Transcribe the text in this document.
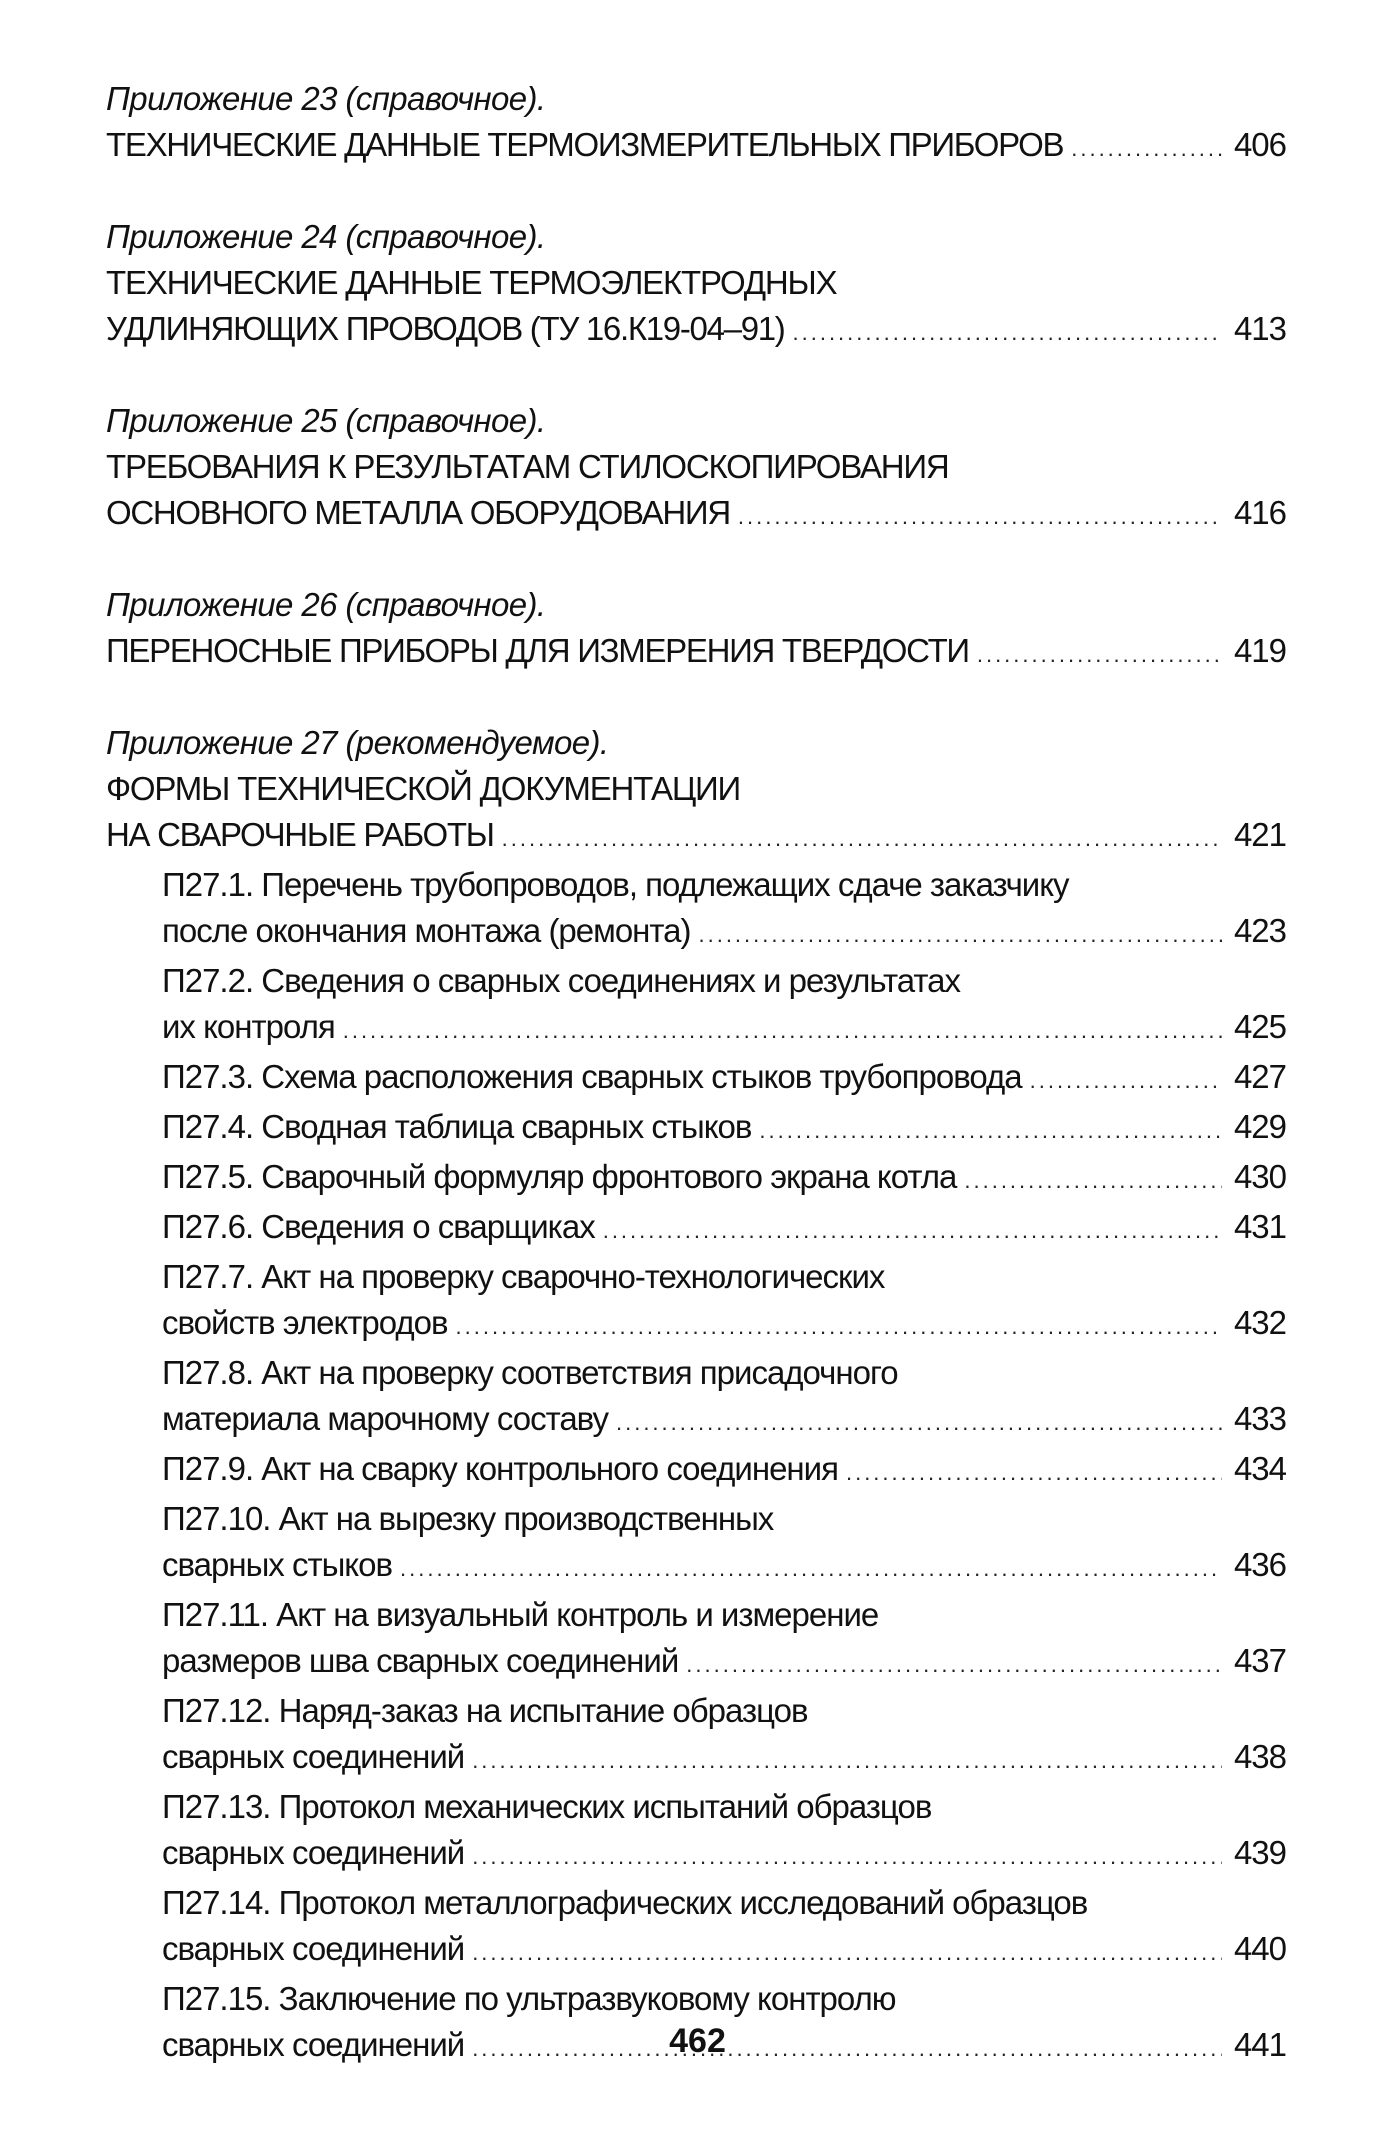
Приложение 23 (справочное).
ТЕХНИЧЕСКИЕ ДАННЫЕ ТЕРМОИЗМЕРИТЕЛЬНЫХ ПРИБОРОВ .....	406
Приложение 24 (справочное).
ТЕХНИЧЕСКИЕ ДАННЫЕ ТЕРМОЭЛЕКТРОДНЫХ
УДЛИНЯЮЩИХ ПРОВОДОВ (ТУ 16.К19-04–91) .....	413
Приложение 25 (справочное).
ТРЕБОВАНИЯ К РЕЗУЛЬТАТАМ СТИЛОСКОПИРОВАНИЯ
ОСНОВНОГО МЕТАЛЛА ОБОРУДОВАНИЯ .....	416
Приложение 26 (справочное).
ПЕРЕНОСНЫЕ ПРИБОРЫ ДЛЯ ИЗМЕРЕНИЯ ТВЕРДОСТИ .....	419
Приложение 27 (рекомендуемое).
ФОРМЫ ТЕХНИЧЕСКОЙ ДОКУМЕНТАЦИИ
НА СВАРОЧНЫЕ РАБОТЫ .....	421
П27.1. Перечень трубопроводов, подлежащих сдаче заказчику
после окончания монтажа (ремонта) .....	423
П27.2. Сведения о сварных соединениях и результатах
их контроля .....	425
П27.3. Схема расположения сварных стыков трубопровода .....	427
П27.4. Сводная таблица сварных стыков .....	429
П27.5. Сварочный формуляр фронтового экрана котла .....	430
П27.6. Сведения о сварщиках .....	431
П27.7. Акт на проверку сварочно-технологических
свойств электродов .....	432
П27.8. Акт на проверку соответствия присадочного
материала марочному составу .....	433
П27.9. Акт на сварку контрольного соединения .....	434
П27.10. Акт на вырезку производственных
сварных стыков .....	436
П27.11. Акт на визуальный контроль и измерение
размеров шва сварных соединений .....	437
П27.12. Наряд-заказ на испытание образцов
сварных соединений .....	438
П27.13. Протокол механических испытаний образцов
сварных соединений .....	439
П27.14. Протокол металлографических исследований образцов
сварных соединений .....	440
П27.15. Заключение по ультразвуковому контролю
сварных соединений .....	441
462
